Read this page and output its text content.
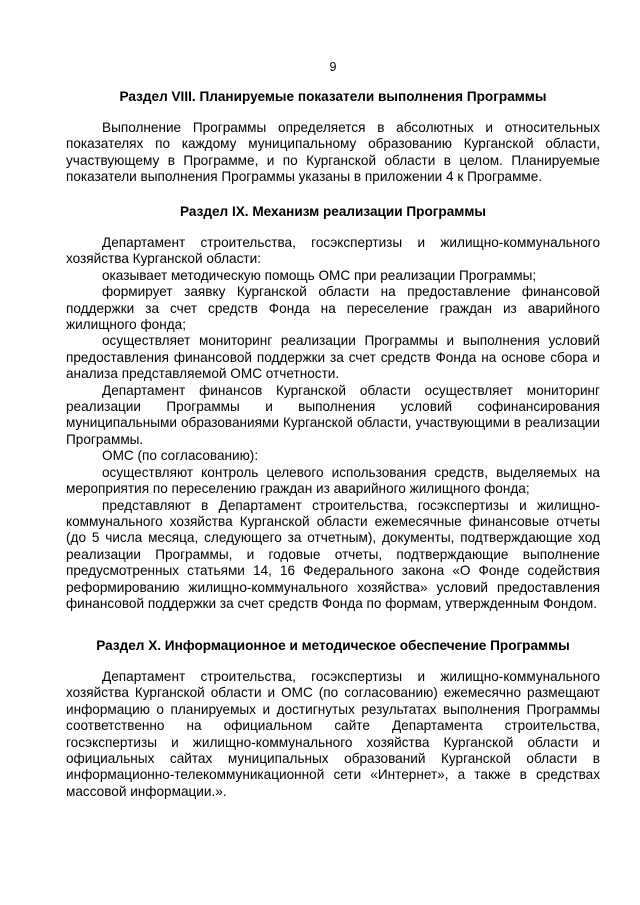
9
Раздел VIII. Планируемые показатели выполнения Программы

Выполнение Программы определяется в абсолютных и относительных показателях по каждому муниципальному образованию Курганской области, участвующему в Программе, и по Курганской области в целом. Планируемые показатели выполнения Программы указаны в приложении 4 к Программе.

Раздел IX. Механизм реализации Программы

Департамент строительства, госэкспертизы и жилищно-коммунального хозяйства Курганской области:

оказывает методическую помощь ОМС при реализации Программы;

формирует заявку Курганской области на предоставление финансовой поддержки за счет средств Фонда на переселение граждан из аварийного жилищного фонда;

осуществляет мониторинг реализации Программы и выполнения условий предоставления финансовой поддержки за счет средств Фонда на основе сбора и анализа представляемой ОМС отчетности.

Департамент финансов Курганской области осуществляет мониторинг реализации Программы и выполнения условий софинансирования муниципальными образованиями Курганской области, участвующими в реализации Программы.

ОМС (по согласованию):

осуществляют контроль целевого использования средств, выделяемых на мероприятия по переселению граждан из аварийного жилищного фонда;

представляют в Департамент строительства, госэкспертизы и жилищно-коммунального хозяйства Курганской области ежемесячные финансовые отчеты (до 5 числа месяца, следующего за отчетным), документы, подтверждающие ход реализации Программы, и годовые отчеты, подтверждающие выполнение предусмотренных статьями 14, 16 Федерального закона «О Фонде содействия реформированию жилищно-коммунального хозяйства» условий предоставления финансовой поддержки за счет средств Фонда по формам, утвержденным Фондом.

Раздел X. Информационное и методическое обеспечение Программы

Департамент строительства, госэкспертизы и жилищно-коммунального хозяйства Курганской области и ОМС (по согласованию) ежемесячно размещают информацию о планируемых и достигнутых результатах выполнения Программы соответственно на официальном сайте Департамента строительства, госэкспертизы и жилищно-коммунального хозяйства Курганской области и официальных сайтах муниципальных образований Курганской области в информационно-телекоммуникационной сети «Интернет», а также в средствах массовой информации.».
